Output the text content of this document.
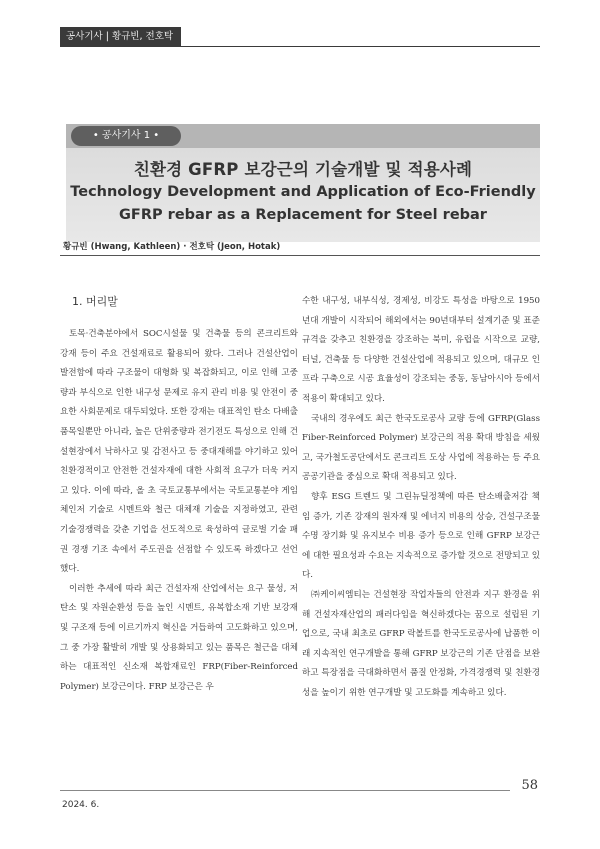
공사기사 | 황규빈, 전호탁
• 공사기사 1 •
친환경 GFRP 보강근의 기술개발 및 적용사례
Technology Development and Application of Eco-Friendly
GFRP rebar as a Replacement for Steel rebar
황규빈 (Hwang, Kathleen) · 전호탁 (Jeon, Hotak)
1. 머리말

토목·건축분야에서 SOC시설물 및 건축물 등의 콘크리트와 강재 등이 주요 건설재료로 활용되어 왔다. 그러나 건설산업이 발전함에 따라 구조물이 대형화 및 복잡화되고, 이로 인해 고중량과 부식으로 인한 내구성 문제로 유지 관리 비용 및 안전이 중요한 사회문제로 대두되었다. 또한 강재는 대표적인 탄소 다배출 품목일뿐만 아니라, 높은 단위중량과 전기전도 특성으로 인해 건설현장에서 낙하사고 및 감전사고 등 중대재해를 야기하고 있어 친환경적이고 안전한 건설자재에 대한 사회적 요구가 더욱 커지고 있다. 이에 따라, 올 초 국토교통부에서는 국토교통분야 게임체인저 기술로 시멘트와 철근 대체재 기술을 지정하였고, 관련 기술경쟁력을 갖춘 기업을 선도적으로 육성하여 글로벌 기술 패권 경쟁 기조 속에서 주도권을 선점할 수 있도록 하겠다고 선언했다.

이러한 추세에 따라 최근 건설자재 산업에서는 요구 물성, 저탄소 및 자원순환성 등을 높인 시멘트, 유복합소재 기반 보강재 및 구조재 등에 이르기까지 혁신을 거듭하여 고도화하고 있으며, 그 중 가장 활발히 개발 및 상용화되고 있는 품목은 철근을 대체하는 대표적인 신소재 복합재료인 FRP(Fiber-Reinforced Polymer) 보강근이다. FRP 보강근은 우

수한 내구성, 내부식성, 경제성, 비강도 특성을 바탕으로 1950년대 개발이 시작되어 해외에서는 90년대부터 설계기준 및 표준규격을 갖추고 친환경을 강조하는 북미, 유럽을 시작으로 교량, 터널, 건축물 등 다양한 건설산업에 적용되고 있으며, 대규모 인프라 구축으로 시공 효율성이 강조되는 중동, 동남아시아 등에서 적용이 확대되고 있다.

국내의 경우에도 최근 한국도로공사 교량 등에 GFRP(Glass Fiber-Reinforced Polymer) 보강근의 적용 확대 방침을 세웠고, 국가철도공단에서도 콘크리트 도상 사업에 적용하는 등 주요 공공기관을 중심으로 확대 적용되고 있다.

향후 ESG 트렌드 및 그린뉴딜정책에 따른 탄소배출저감 책임 증가, 기존 강재의 원자재 및 에너지 비용의 상승, 건설구조물 수명 장기화 및 유지보수 비용 증가 등으로 인해 GFRP 보강근에 대한 필요성과 수요는 지속적으로 증가할 것으로 전망되고 있다.

㈜케이씨엠티는 건설현장 작업자들의 안전과 지구 환경을 위해 건설자재산업의 패러다임을 혁신하겠다는 꿈으로 설립된 기업으로, 국내 최초로 GFRP 락볼트를 한국도로공사에 납품한 이래 지속적인 연구개발을 통해 GFRP 보강근의 기존 단점을 보완하고 특장점을 극대화하면서 품질 안정화, 가격경쟁력 및 친환경성을 높이기 위한 연구개발 및 고도화를 계속하고 있다.

2024. 6.
58
